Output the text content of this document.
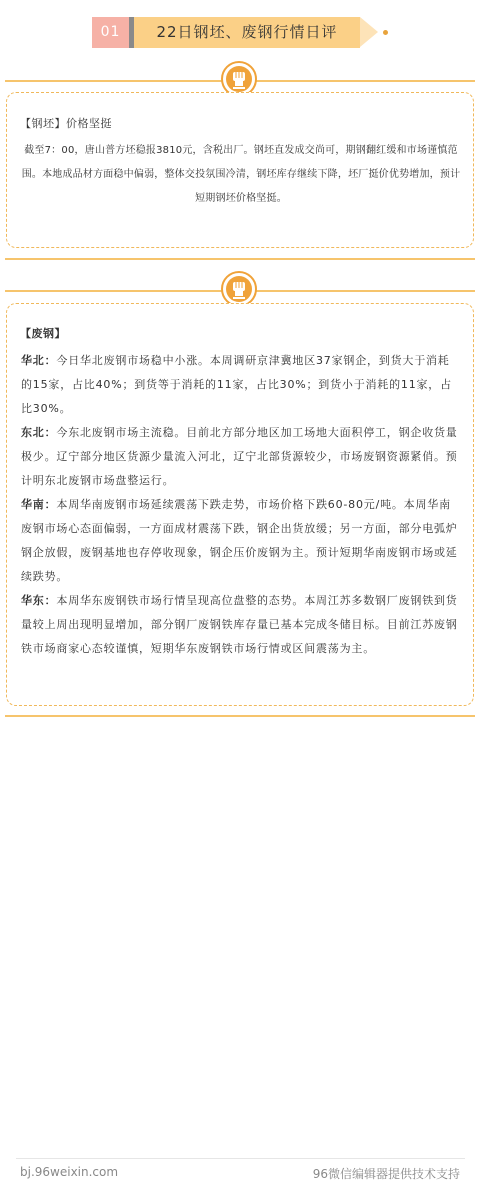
01	22日钢坯、废钢行情日评
【钢坯】价格坚挺
截至7：00，唐山普方坯稳报3810元，含税出厂。钢坯直发成交尚可，期钢翻红缓和市场谨慎范围。本地成品材方面稳中偏弱，整体交投氛围冷清，钢坯库存继续下降，坯厂挺价优势增加，预计短期钢坯价格坚挺。
【废钢】

华北：今日华北废钢市场稳中小涨。本周调研京津冀地区37家钢企，到货大于消耗的15家，占比40%；到货等于消耗的11家，占比30%；到货小于消耗的11家，占比30%。

东北：今东北废钢市场主流稳。目前北方部分地区加工场地大面积停工，钢企收货量极少。辽宁部分地区货源少量流入河北，辽宁北部货源较少，市场废钢资源紧俏。预计明东北废钢市场盘整运行。

华南：本周华南废钢市场延续震荡下跌走势，市场价格下跌60-80元/吨。本周华南废钢市场心态面偏弱，一方面成材震荡下跌，钢企出货放缓；另一方面，部分电弧炉钢企放假，废钢基地也存停收现象，钢企压价废钢为主。预计短期华南废钢市场或延续跌势。

华东：本周华东废钢铁市场行情呈现高位盘整的态势。本周江苏多数钢厂废钢铁到货量较上周出现明显增加，部分钢厂废钢铁库存量已基本完成冬储目标。目前江苏废钢铁市场商家心态较谨慎，短期华东废钢铁市场行情或区间震荡为主。

bj.96weixin.com	96微信编辑器提供技术支持
